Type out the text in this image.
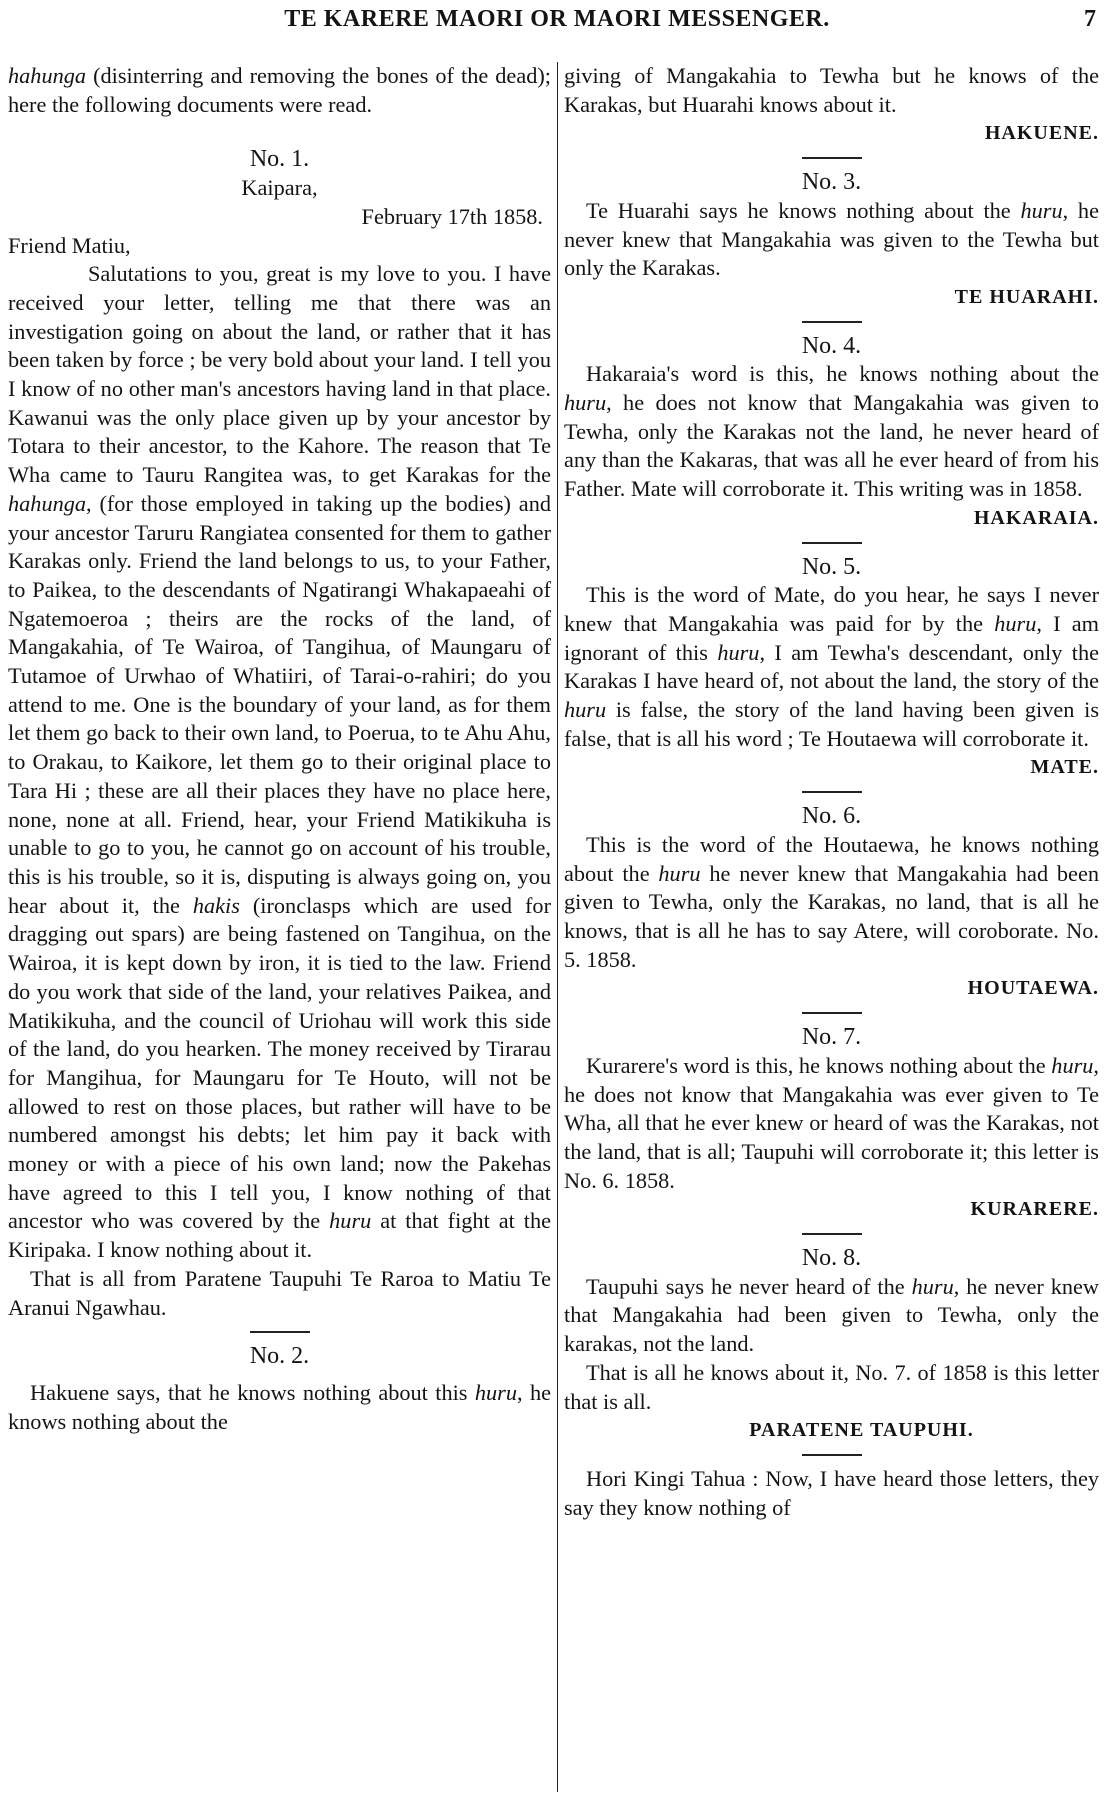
TE KARERE MAORI OR MAORI MESSENGER.	7

hahunga (disinterring and removing the bones of the dead); here the following documents were read.

No. 1.

Kaipara,

February 17th 1858.

Friend Matiu,

Salutations to you, great is my love to you. I have received your letter, telling me that there was an investigation going on about the land, or rather that it has been taken by force ; be very bold about your land. I tell you I know of no other man's ancestors having land in that place. Kawanui was the only place given up by your ancestor by Totara to their ancestor, to the Kahore. The reason that Te Wha came to Tauru Rangitea was, to get Karakas for the hahunga, (for those employed in taking up the bodies) and your ancestor Taruru Rangiatea consented for them to gather Karakas only. Friend the land belongs to us, to your Father, to Paikea, to the descendants of Ngatirangi Whakapaeahi of Ngatemoeroa ; theirs are the rocks of the land, of Mangakahia, of Te Wairoa, of Tangihua, of Maungaru of Tutamoe of Urwhao of Whatiiri, of Tarai-o-rahiri; do you attend to me. One is the boundary of your land, as for them let them go back to their own land, to Poerua, to te Ahu Ahu, to Orakau, to Kaikore, let them go to their original place to Tara Hi ; these are all their places they have no place here, none, none at all. Friend, hear, your Friend Matikikuha is unable to go to you, he cannot go on account of his trouble, this is his trouble, so it is, disputing is always going on, you hear about it, the hakis (ironclasps which are used for dragging out spars) are being fastened on Tangihua, on the Wairoa, it is kept down by iron, it is tied to the law. Friend do you work that side of the land, your relatives Paikea, and Matikikuha, and the council of Uriohau will work this side of the land, do you hearken. The money received by Tirarau for Mangihua, for Maungaru for Te Houto, will not be allowed to rest on those places, but rather will have to be numbered amongst his debts; let him pay it back with money or with a piece of his own land; now the Pakehas have agreed to this I tell you, I know nothing of that ancestor who was covered by the huru at that fight at the Kiripaka. I know nothing about it.

That is all from Paratene Taupuhi Te Raroa to Matiu Te Aranui Ngawhau.

No. 2.

Hakuene says, that he knows nothing about this huru, he knows nothing about the

giving of Mangakahia to Tewha but he knows of the Karakas, but Huarahi knows about it.

HAKUENE.

No. 3.

Te Huarahi says he knows nothing about the huru, he never knew that Mangakahia was given to the Tewha but only the Karakas.

TE HUARAHI.

No. 4.

Hakaraia's word is this, he knows nothing about the huru, he does not know that Mangakahia was given to Tewha, only the Karakas not the land, he never heard of any than the Kakaras, that was all he ever heard of from his Father. Mate will corroborate it. This writing was in 1858.

HAKARAIA.

No. 5.

This is the word of Mate, do you hear, he says I never knew that Mangakahia was paid for by the huru, I am ignorant of this huru, I am Tewha's descendant, only the Karakas I have heard of, not about the land, the story of the huru is false, the story of the land having been given is false, that is all his word ; Te Houtaewa will corroborate it.

MATE.

No. 6.

This is the word of the Houtaewa, he knows nothing about the huru he never knew that Mangakahia had been given to Tewha, only the Karakas, no land, that is all he knows, that is all he has to say Atere, will coroborate. No. 5. 1858.

HOUTAEWA.

No. 7.

Kurarere's word is this, he knows nothing about the huru, he does not know that Mangakahia was ever given to Te Wha, all that he ever knew or heard of was the Karakas, not the land, that is all; Taupuhi will corroborate it; this letter is No. 6. 1858.

KURARERE.

No. 8.

Taupuhi says he never heard of the huru, he never knew that Mangakahia had been given to Tewha, only the karakas, not the land.

That is all he knows about it, No. 7. of 1858 is this letter that is all.

PARATENE TAUPUHI.

Hori Kingi Tahua : Now, I have heard those letters, they say they know nothing of
